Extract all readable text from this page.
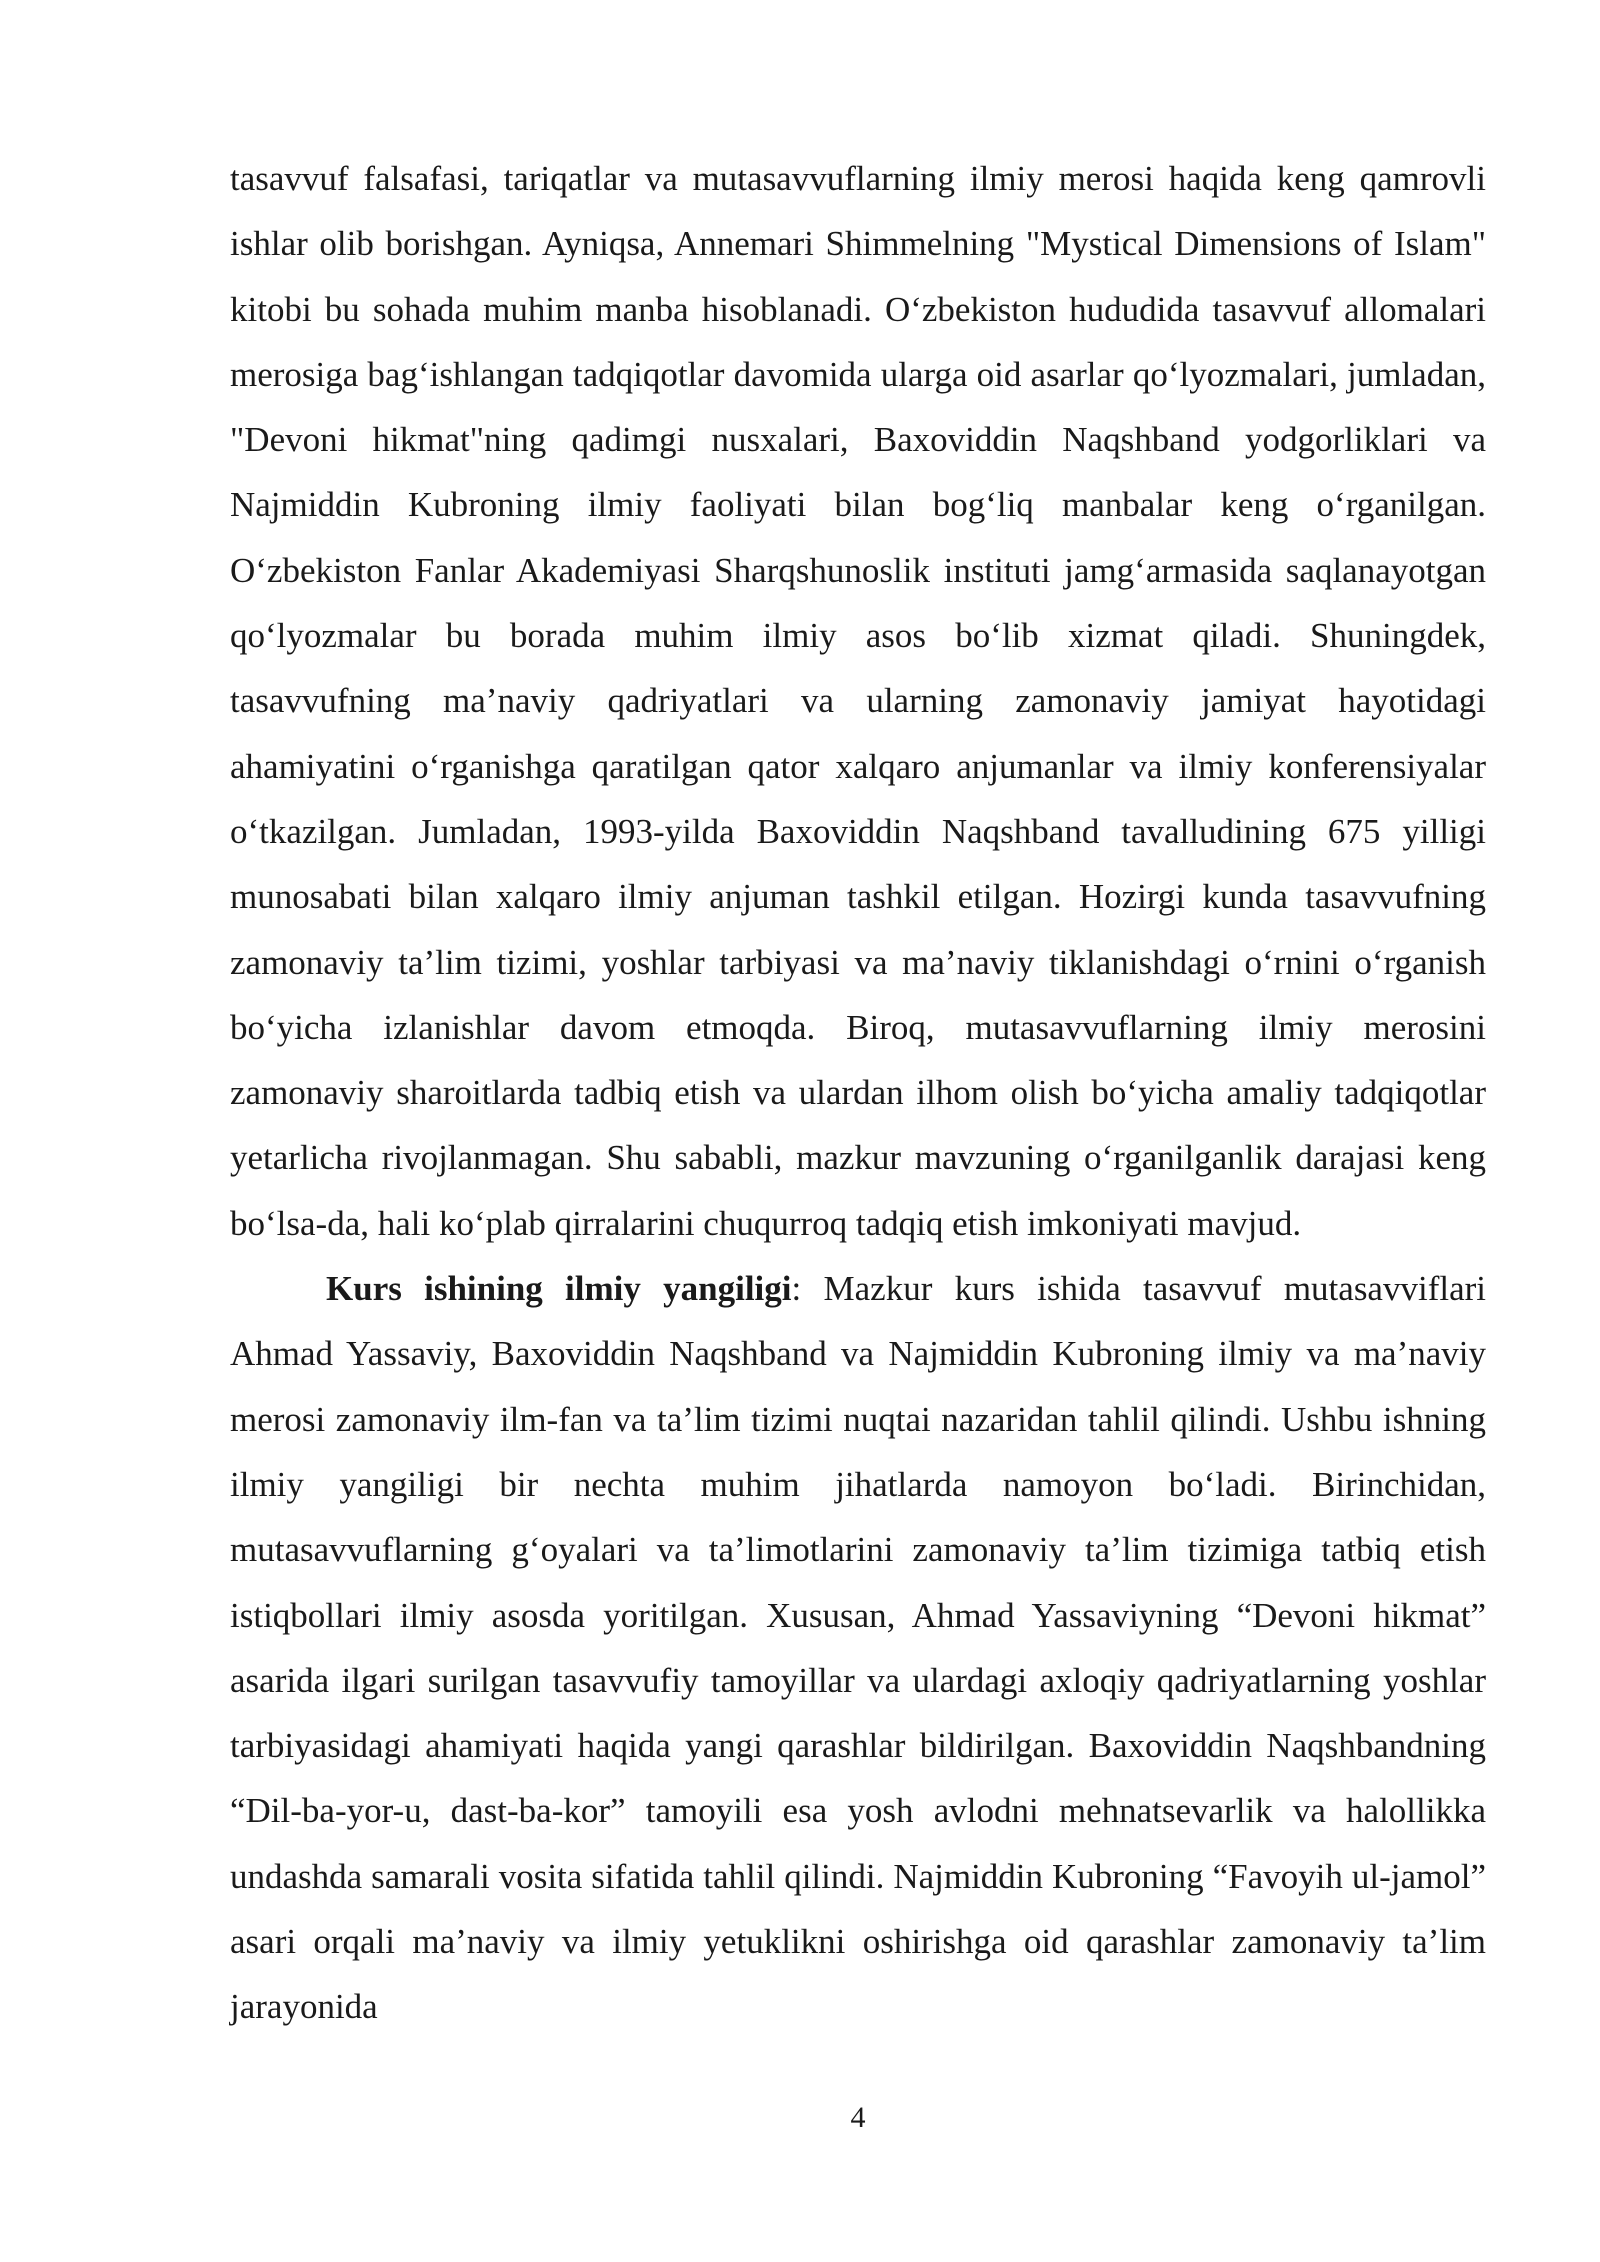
tasavvuf falsafasi, tariqatlar va mutasavvuflarning ilmiy merosi haqida keng qamrovli ishlar olib borishgan. Ayniqsa, Annemari Shimmelning "Mystical Dimensions of Islam" kitobi bu sohada muhim manba hisoblanadi. O‘zbekiston hududida tasavvuf allomalari merosiga bag‘ishlangan tadqiqotlar davomida ularga oid asarlar qo‘lyozmalari, jumladan, "Devoni hikmat"ning qadimgi nusxalari, Baxoviddin Naqshband yodgorliklari va Najmiddin Kubroning ilmiy faoliyati bilan bog‘liq manbalar keng o‘rganilgan. O‘zbekiston Fanlar Akademiyasi Sharqshunoslik instituti jamg‘armasida saqlanayotgan qo‘lyozmalar bu borada muhim ilmiy asos bo‘lib xizmat qiladi. Shuningdek, tasavvufning ma’naviy qadriyatlari va ularning zamonaviy jamiyat hayotidagi ahamiyatini o‘rganishga qaratilgan qator xalqaro anjumanlar va ilmiy konferensiyalar o‘tkazilgan. Jumladan, 1993-yilda Baxoviddin Naqshband tavalludining 675 yilligi munosabati bilan xalqaro ilmiy anjuman tashkil etilgan. Hozirgi kunda tasavvufning zamonaviy ta’lim tizimi, yoshlar tarbiyasi va ma’naviy tiklanishdagi o‘rnini o‘rganish bo‘yicha izlanishlar davom etmoqda. Biroq, mutasavvuflarning ilmiy merosini zamonaviy sharoitlarda tadbiq etish va ulardan ilhom olish bo‘yicha amaliy tadqiqotlar yetarlicha rivojlanmagan. Shu sababli, mazkur mavzuning o‘rganilganlik darajasi keng bo‘lsa-da, hali ko‘plab qirralarini chuqurroq tadqiq etish imkoniyati mavjud.

Kurs ishining ilmiy yangiligi: Mazkur kurs ishida tasavvuf mutasavviflari Ahmad Yassaviy, Baxoviddin Naqshband va Najmiddin Kubroning ilmiy va ma’naviy merosi zamonaviy ilm-fan va ta’lim tizimi nuqtai nazaridan tahlil qilindi. Ushbu ishning ilmiy yangiligi bir nechta muhim jihatlarda namoyon bo‘ladi. Birinchidan, mutasavvuflarning g‘oyalari va ta’limotlarini zamonaviy ta’lim tizimiga tatbiq etish istiqbollari ilmiy asosda yoritilgan. Xususan, Ahmad Yassaviyning “Devoni hikmat” asarida ilgari surilgan tasavvufiy tamoyillar va ulardagi axloqiy qadriyatlarning yoshlar tarbiyasidagi ahamiyati haqida yangi qarashlar bildirilgan. Baxoviddin Naqshbandning “Dil-ba-yor-u, dast-ba-kor” tamoyili esa yosh avlodni mehnatsevarlik va halollikka undashda samarali vosita sifatida tahlil qilindi. Najmiddin Kubroning “Favoyih ul-jamol” asari orqali ma’naviy va ilmiy yetuklikni oshirishga oid qarashlar zamonaviy ta’lim jarayonida

4
